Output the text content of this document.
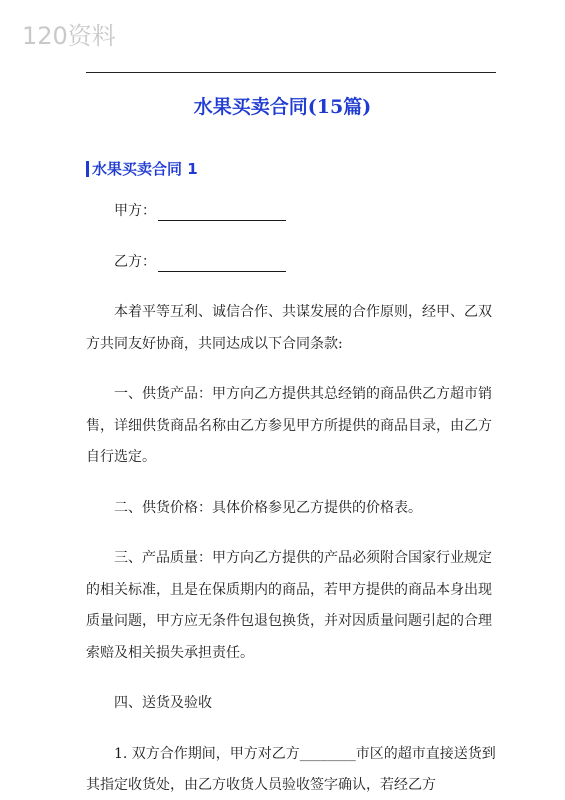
120资料
水果买卖合同(15篇)
水果买卖合同 1

甲方：

乙方：

本着平等互利、诚信合作、共谋发展的合作原则，经甲、乙双方共同友好协商，共同达成以下合同条款:

一、供货产品：甲方向乙方提供其总经销的商品供乙方超市销售，详细供货商品名称由乙方参见甲方所提供的商品目录，由乙方自行选定。

二、供货价格：具体价格参见乙方提供的价格表。

三、产品质量：甲方向乙方提供的产品必须附合国家行业规定的相关标准，且是在保质期内的商品，若甲方提供的商品本身出现质量问题，甲方应无条件包退包换货，并对因质量问题引起的合理索赔及相关损失承担责任。

四、送货及验收

1. 双方合作期间，甲方对乙方________市区的超市直接送货到其指定收货处，由乙方收货人员验收签字确认，若经乙方
